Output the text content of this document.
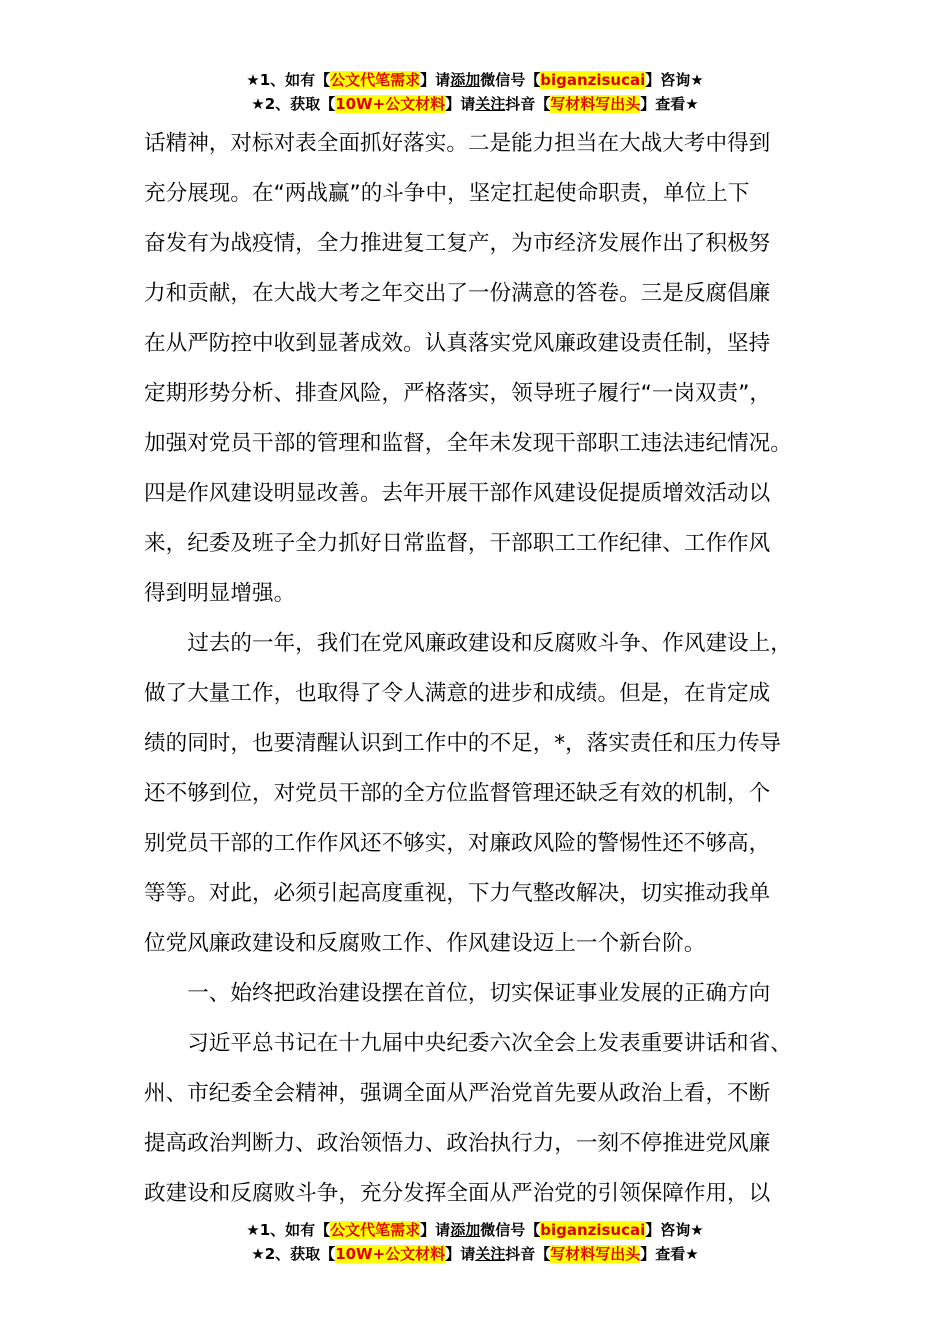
★1、如有【公文代笔需求】请添加微信号【biganzisucai】咨询★
★2、获取【10W+公文材料】请关注抖音【写材料写出头】查看★
话精神，对标对表全面抓好落实。二是能力担当在大战大考中得到
充分展现。在“两战赢”的斗争中，坚定扛起使命职责，单位上下
奋发有为战疫情，全力推进复工复产，为市经济发展作出了积极努
力和贡献，在大战大考之年交出了一份满意的答卷。三是反腐倡廉
在从严防控中收到显著成效。认真落实党风廉政建设责任制，坚持
定期形势分析、排查风险，严格落实，领导班子履行“一岗双责”，
加强对党员干部的管理和监督，全年未发现干部职工违法违纪情况。
四是作风建设明显改善。去年开展干部作风建设促提质增效活动以
来，纪委及班子全力抓好日常监督，干部职工工作纪律、工作作风
得到明显增强。
　　过去的一年，我们在党风廉政建设和反腐败斗争、作风建设上，
做了大量工作，也取得了令人满意的进步和成绩。但是，在肯定成
绩的同时，也要清醒认识到工作中的不足，*，落实责任和压力传导
还不够到位，对党员干部的全方位监督管理还缺乏有效的机制，个
别党员干部的工作作风还不够实，对廉政风险的警惕性还不够高，
等等。对此，必须引起高度重视，下力气整改解决，切实推动我单
位党风廉政建设和反腐败工作、作风建设迈上一个新台阶。
　　一、始终把政治建设摆在首位，切实保证事业发展的正确方向
　　习近平总书记在十九届中央纪委六次全会上发表重要讲话和省、
州、市纪委全会精神，强调全面从严治党首先要从政治上看，不断
提高政治判断力、政治领悟力、政治执行力，一刻不停推进党风廉
政建设和反腐败斗争，充分发挥全面从严治党的引领保障作用，以
★1、如有【公文代笔需求】请添加微信号【biganzisucai】咨询★
★2、获取【10W+公文材料】请关注抖音【写材料写出头】查看★
